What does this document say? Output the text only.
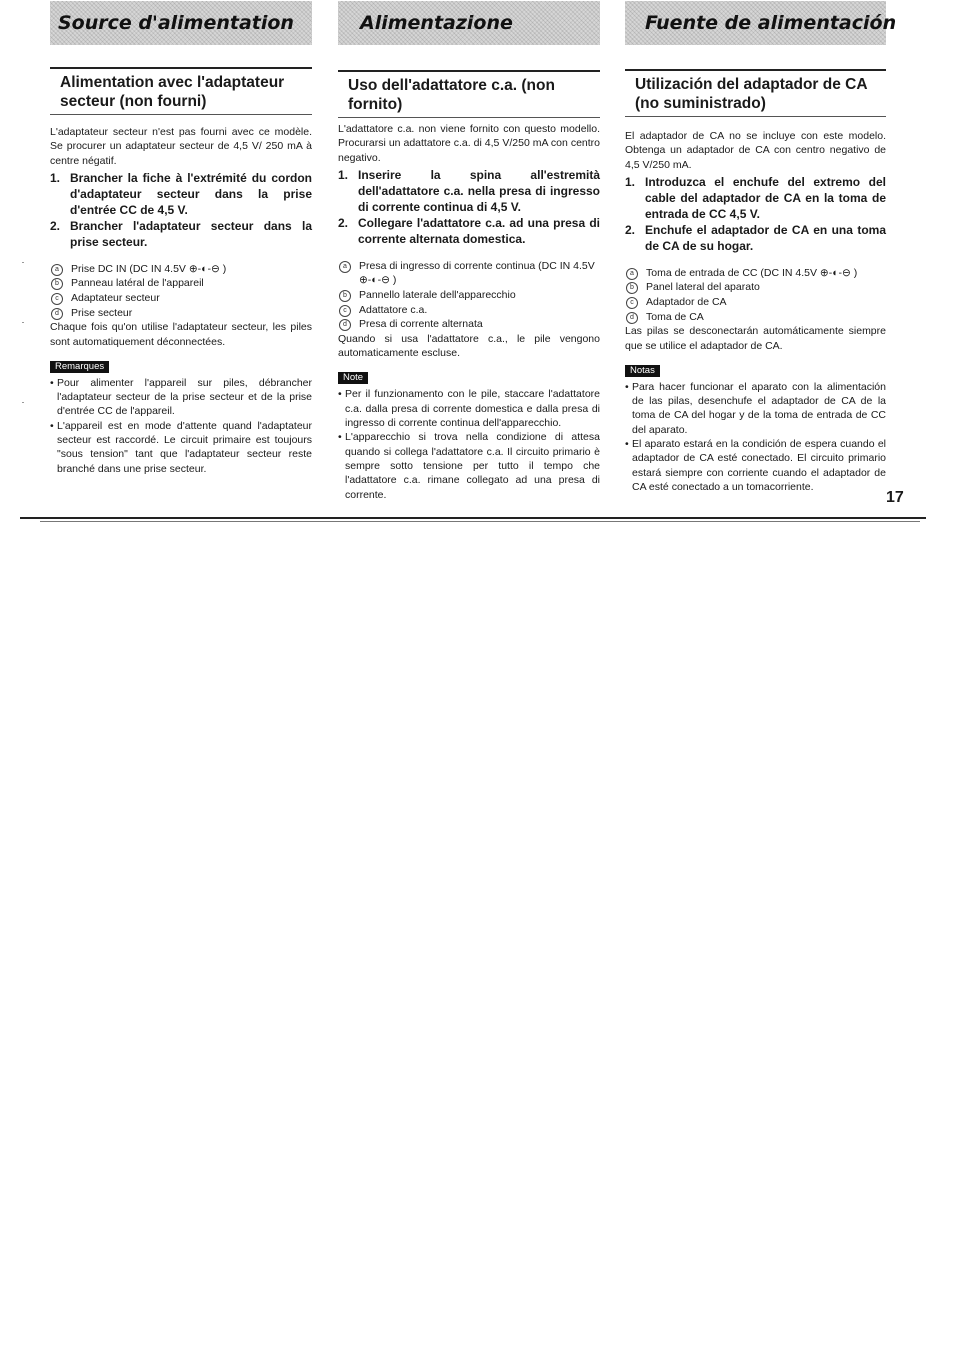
Source d'alimentation
Alimentation avec l'adaptateur secteur (non fourni)
L'adaptateur secteur n'est pas fourni avec ce modèle. Se procurer un adaptateur secteur de 4,5 V/ 250 mA à centre négatif.
1. Brancher la fiche à l'extrémité du cordon d'adaptateur secteur dans la prise d'entrée CC de 4,5 V.
2. Brancher l'adaptateur secteur dans la prise secteur.
a	Prise DC IN (DC IN 4.5V ⊕-◐-⊖ )
b	Panneau latéral de l'appareil
c	Adaptateur secteur
d	Prise secteur
Chaque fois qu'on utilise l'adaptateur secteur, les piles sont automatiquement déconnectées.
Remarques
• Pour alimenter l'appareil sur piles, débrancher l'adaptateur secteur de la prise secteur et de la prise d'entrée CC de l'appareil.
• L'appareil est en mode d'attente quand l'adaptateur secteur est raccordé. Le circuit primaire est toujours "sous tension" tant que l'adaptateur secteur reste branché dans une prise secteur.
Alimentazione
Uso dell'adattatore c.a. (non fornito)
L'adattatore c.a. non viene fornito con questo modello. Procurarsi un adattatore c.a. di 4,5 V/250 mA con centro negativo.
1. Inserire la spina all'estremità dell'adattatore c.a. nella presa di ingresso di corrente continua di 4,5 V.
2. Collegare l'adattatore c.a. ad una presa di corrente alternata domestica.
a	Presa di ingresso di corrente continua (DC IN 4.5V ⊕-◐-⊖ )
b	Pannello laterale dell'apparecchio
c	Adattatore c.a.
d	Presa di corrente alternata
Quando si usa l'adattatore c.a., le pile vengono automaticamente escluse.
Note
• Per il funzionamento con le pile, staccare l'adattatore c.a. dalla presa di corrente domestica e dalla presa di ingresso di corrente continua dell'apparecchio.
• L'apparecchio si trova nella condizione di attesa quando si collega l'adattatore c.a. Il circuito primario è sempre sotto tensione per tutto il tempo che l'adattatore c.a. rimane collegato ad una presa di corrente.
Fuente de alimentación
Utilización del adaptador de CA (no suministrado)
El adaptador de CA no se incluye con este modelo. Obtenga un adaptador de CA con centro negativo de 4,5 V/250 mA.
1. Introduzca el enchufe del extremo del cable del adaptador de CA en la toma de entrada de CC 4,5 V.
2. Enchufe el adaptador de CA en una toma de CA de su hogar.
a	Toma de entrada de CC (DC IN 4.5V ⊕-◐-⊖ )
b	Panel lateral del aparato
c	Adaptador de CA
d	Toma de CA
Las pilas se desconectarán automáticamente siempre que se utilice el adaptador de CA.
Notas
• Para hacer funcionar el aparato con la alimentación de las pilas, desenchufe el adaptador de CA de la toma de CA del hogar y de la toma de entrada de CC del aparato.
• El aparato estará en la condición de espera cuando el adaptador de CA esté conectado. El circuito primario estará siempre con corriente cuando el adaptador de CA esté conectado a un tomacorriente.
17
